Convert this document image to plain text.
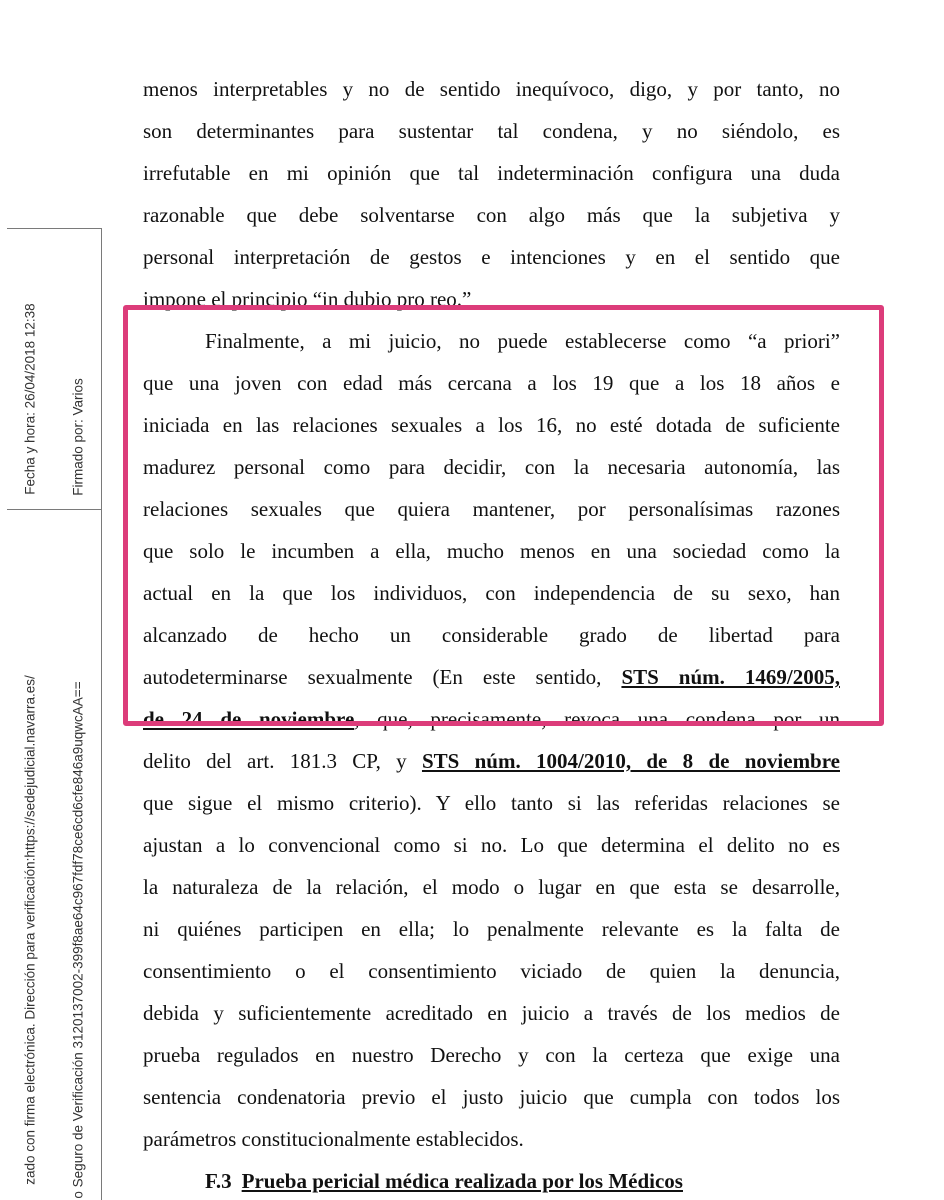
Fecha y hora: 26/04/2018 12:38 Firmado por: Varios
zado con firma electrónica. Dirección para verificación:https://sedejudicial.navarra.es/ o Seguro de Verificación 3120137002-399f8ae64c967fdf78ce6cd6cfe846a9uqwcAA==
menos interpretables y no de sentido inequívoco, digo, y por tanto, no
son determinantes para sustentar tal condena, y no siéndolo, es
irrefutable en mi opinión que tal indeterminación configura una duda
razonable que debe solventarse con algo más que la subjetiva y
personal interpretación de gestos e intenciones y en el sentido que
impone el principio “in dubio pro reo.”
Finalmente, a mi juicio, no puede establecerse como “a priori”
que una joven con edad más cercana a los 19 que a los 18 años e
iniciada en las relaciones sexuales a los 16, no esté dotada de suficiente
madurez personal como para decidir, con la necesaria autonomía, las
relaciones sexuales que quiera mantener, por personalísimas razones
que solo le incumben a ella, mucho menos en una sociedad como la
actual en la que los individuos, con independencia de su sexo, han
alcanzado de hecho un considerable grado de libertad para
autodeterminarse sexualmente (En este sentido, STS núm. 1469/2005,
de 24 de noviembre, que, precisamente, revoca una condena por un
delito del art. 181.3 CP, y STS núm. 1004/2010, de 8 de noviembre
que sigue el mismo criterio). Y ello tanto si las referidas relaciones se
ajustan a lo convencional como si no. Lo que determina el delito no es
la naturaleza de la relación, el modo o lugar en que esta se desarrolle,
ni quiénes participen en ella; lo penalmente relevante es la falta de
consentimiento o el consentimiento viciado de quien la denuncia,
debida y suficientemente acreditado en juicio a través de los medios de
prueba regulados en nuestro Derecho y con la certeza que exige una
sentencia condenatoria previo el justo juicio que cumpla con todos los
parámetros constitucionalmente establecidos.
F.3 Prueba pericial médica realizada por los Médicos
